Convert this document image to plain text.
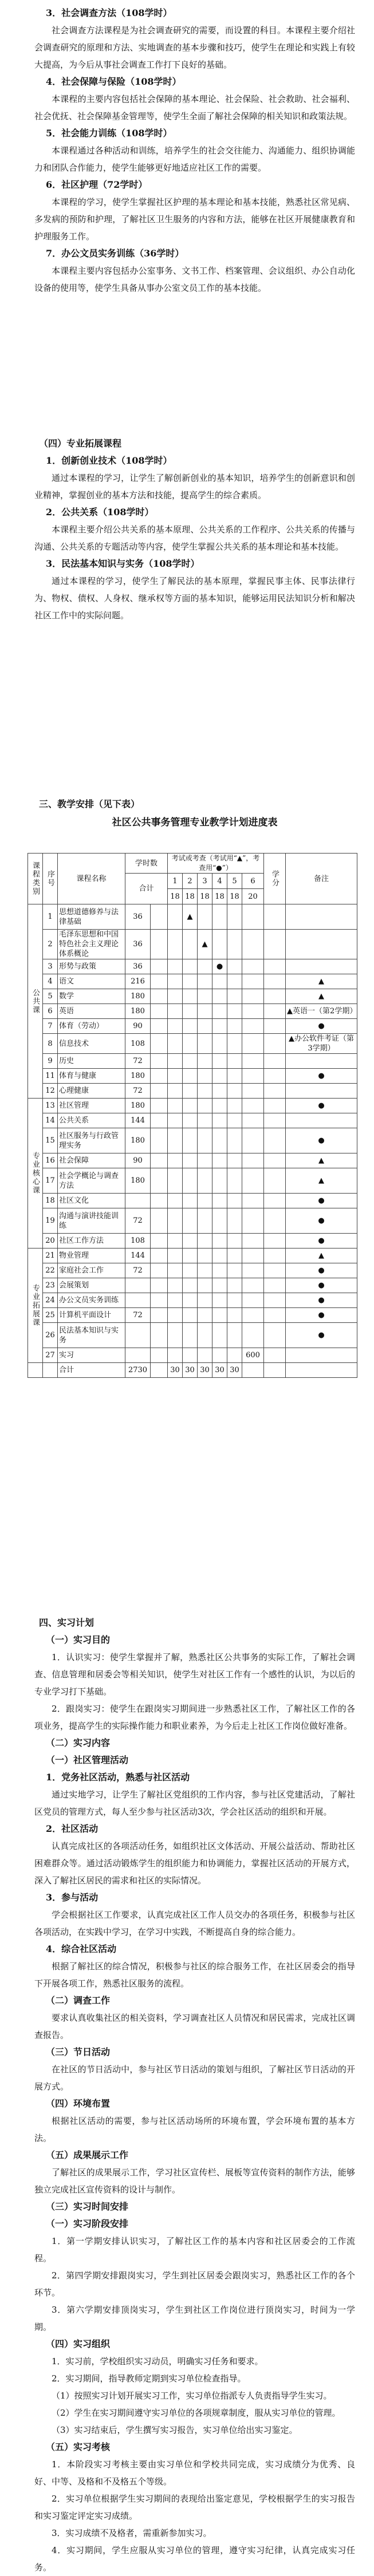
3．社会调查方法（108学时）

社会调查方法课程是为社会调查研究的需要，而设置的科目。本课程主要介绍社会调查研究的原理和方法、实地调查的基本步骤和技巧，使学生在理论和实践上有较大提高，为今后从事社会调查工作打下良好的基础。

4．社会保障与保险（108学时）

本课程的主要内容包括社会保障的基本理论、社会保险、社会救助、社会福利、社会优抚、社会保障基金管理等，使学生全面了解社会保障的相关知识和政策法规。

5．社会能力训练（108学时）

本课程通过各种活动和训练，培养学生的社会交往能力、沟通能力、组织协调能力和团队合作能力，使学生能够更好地适应社区工作的需要。

6．社区护理（72学时）

本课程的学习，使学生掌握社区护理的基本理论和基本技能，熟悉社区常见病、多发病的预防和护理，了解社区卫生服务的内容和方法，能够在社区开展健康教育和护理服务工作。

7．办公文员实务训练（36学时）

本课程主要内容包括办公室事务、文书工作、档案管理、会议组织、办公自动化设备的使用等，使学生具备从事办公室文员工作的基本技能。

（四）专业拓展课程

1．创新创业技术（108学时）

通过本课程的学习，让学生了解创新创业的基本知识，培养学生的创新意识和创业精神，掌握创业的基本方法和技能，提高学生的综合素质。

2．公共关系（108学时）

本课程主要介绍公共关系的基本原理、公共关系的工作程序、公共关系的传播与沟通、公共关系的专题活动等内容，使学生掌握公共关系的基本理论和基本技能。

3．民法基本知识与实务（108学时）

通过本课程的学习，使学生了解民法的基本原理，掌握民事主体、民事法律行为、物权、债权、人身权、继承权等方面的基本知识，能够运用民法知识分析和解决社区工作中的实际问题。

三、教学安排（见下表）

社区公共事务管理专业教学计划进度表

课程类别	序号	课程名称	学时数		考试或考查（考试用“▲”，考查用“●”）						学分	备注
			合计		1	2	3	4	5	6		
					18	18	18	18	18	20		
公共课	1	思想道德修养与法律基础	36			▲						
	2	毛泽东思想和中国特色社会主义理论体系概论	36				▲					
	3	形势与政策	36					●				
	4	语文	216									▲
	5	数学	180									▲
	6	英语	180									▲英语一（第2学期）
	7	体育（劳动）	90									●
	8	信息技术	108									▲办公软件考证（第3学期）
	9	历史	72									
	11	体育与健康	180									●
	12	心理健康	72									
专业核心课	13	社区管理	180									●
	14	公共关系	144									
	15	社区服务与行政管理实务	180									●
	16	社会保障	90									▲
	17	社会学概论与调查方法	180									▲
	18	社区文化										●
	19	沟通与演讲技能训练	72									●
	20	社区工作方法	108									●
专业拓展课	21	物业管理	144									▲
	22	家庭社会工作	72									●
	23	会展策划										●
	24	办公文员实务训练										●
	25	计算机平面设计	72									●
	26	民法基本知识与实务										●
	27	实习								600		
		合计	2730		30	30	30	30	30			

四、实习计划

（一）实习目的

1．认识实习：使学生掌握并了解，熟悉社区公共事务的实际工作，了解社会调查、信息管理和居委会等相关知识，使学生对社区工作有一个感性的认识，为以后的专业学习打下基础。

2．跟岗实习：使学生在跟岗实习期间进一步熟悉社区工作，了解社区工作的各项业务，提高学生的实际操作能力和职业素养，为今后走上社区工作岗位做好准备。

（二）实习内容

（一）社区管理活动

1．党务社区活动，熟悉与社区活动

通过实地学习，让学生了解社区党组织的工作内容，参与社区党建活动，了解社区党员的管理方式，每人至少参与社区活动3次，学会社区活动的组织和开展。

2．社区活动

认真完成社区的各项活动任务，如组织社区文体活动、开展公益活动、帮助社区困难群众等。通过活动锻炼学生的组织能力和协调能力，掌握社区活动的开展方式，深入了解社区居民的需求和社区的实际情况。

3．参与活动

学会根据社区工作要求，认真完成社区工作人员交办的各项任务，积极参与社区各项活动，在实践中学习，在学习中实践，不断提高自身的综合能力。

4．综合社区活动

根据了解社区的综合情况，积极参与社区的综合服务工作，在社区居委会的指导下开展各项工作，熟悉社区服务的流程。

（二）调查工作

要求认真收集社区的相关资料，学习调查社区人员情况和居民需求，完成社区调查报告。

（三）节日活动

在社区的节日活动中，参与社区节日活动的策划与组织，了解社区节日活动的开展方式。

（四）环境布置

根据社区活动的需要，参与社区活动场所的环境布置，学会环境布置的基本方法。

（五）成果展示工作

了解社区的成果展示工作，学习社区宣传栏、展板等宣传资料的制作方法，能够独立完成社区宣传资料的设计与制作。

（三）实习时间安排

（一）实习阶段安排

1．第一学期安排认识实习，了解社区工作的基本内容和社区居委会的工作流程。

2．第四学期安排跟岗实习，学生到社区居委会跟岗实习，熟悉社区工作的各个环节。

3．第六学期安排顶岗实习，学生到社区工作岗位进行顶岗实习，时间为一学期。

（四）实习组织

1．实习前，学校组织实习动员，明确实习任务和要求。

2．实习期间，指导教师定期到实习单位检查指导。

（1）按照实习计划开展实习工作，实习单位指派专人负责指导学生实习。

（2）学生在实习期间遵守实习单位的各项规章制度，服从实习单位的管理。

（3）实习结束后，学生撰写实习报告，实习单位给出实习鉴定。

（五）实习考核

1．本阶段实习考核主要由实习单位和学校共同完成，实习成绩分为优秀、良好、中等、及格和不及格五个等级。

2．实习单位根据学生实习期间的表现给出鉴定意见，学校根据学生的实习报告和实习鉴定评定实习成绩。

3．实习成绩不及格者，需重新参加实习。

4．实习期间，学生应服从实习单位的管理，遵守实习纪律，认真完成实习任务。
